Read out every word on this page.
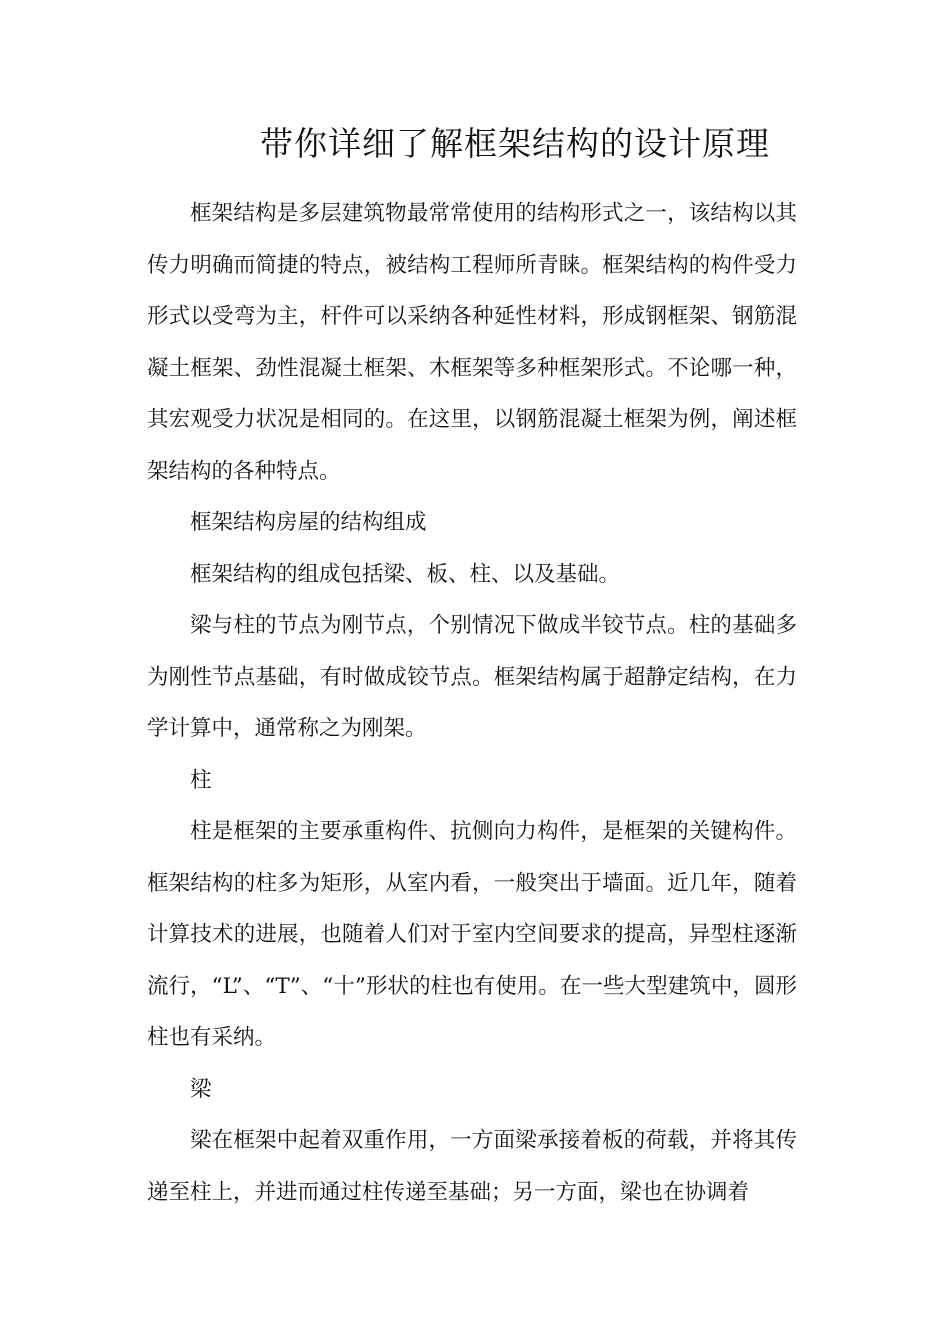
带你详细了解框架结构的设计原理

框架结构是多层建筑物最常常使用的结构形式之一，该结构以其传力明确而简捷的特点，被结构工程师所青睐。框架结构的构件受力形式以受弯为主，杆件可以采纳各种延性材料，形成钢框架、钢筋混凝土框架、劲性混凝土框架、木框架等多种框架形式。不论哪一种，其宏观受力状况是相同的。在这里，以钢筋混凝土框架为例，阐述框架结构的各种特点。

框架结构房屋的结构组成

框架结构的组成包括梁、板、柱、以及基础。

梁与柱的节点为刚节点，个别情况下做成半铰节点。柱的基础多为刚性节点基础，有时做成铰节点。框架结构属于超静定结构，在力学计算中，通常称之为刚架。

柱

柱是框架的主要承重构件、抗侧向力构件，是框架的关键构件。框架结构的柱多为矩形，从室内看，一般突出于墙面。近几年，随着计算技术的进展，也随着人们对于室内空间要求的提高，异型柱逐渐流行，“L”、“T”、“十”形状的柱也有使用。在一些大型建筑中，圆形柱也有采纳。

梁

梁在框架中起着双重作用，一方面梁承接着板的荷载，并将其传递至柱上，并进而通过柱传递至基础；另一方面，梁也在协调着
